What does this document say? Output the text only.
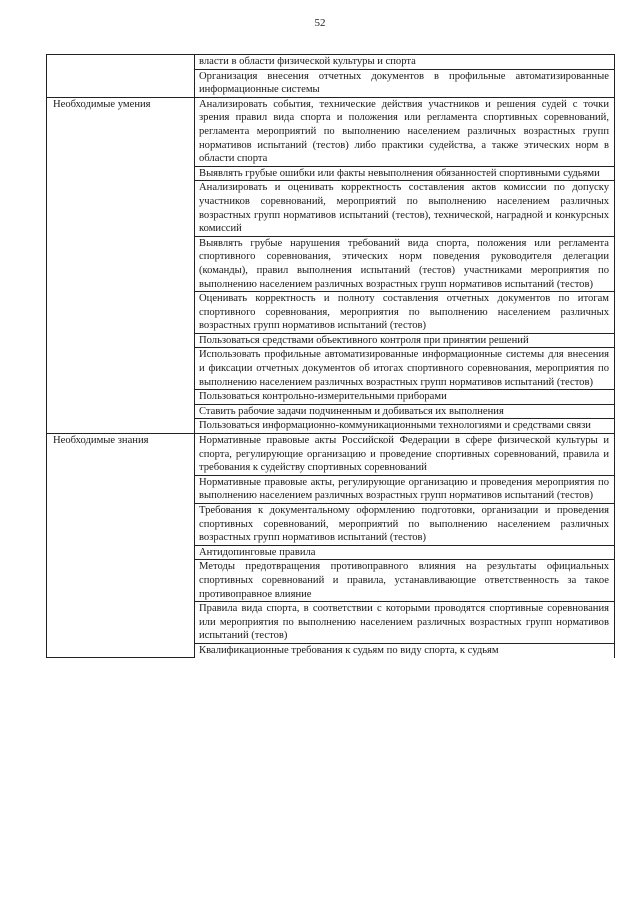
52
	власти в области физической культуры и спорта
	Организация внесения отчетных документов в профильные автоматизированные информационные системы
Необходимые умения	Анализировать события, технические действия участников и решения судей с точки зрения правил вида спорта и положения или регламента спортивных соревнований, регламента мероприятий по выполнению населением различных возрастных групп нормативов испытаний (тестов) либо практики судейства, а также этических норм в области спорта
	Выявлять грубые ошибки или факты невыполнения обязанностей спортивными судьями
	Анализировать и оценивать корректность составления актов комиссии по допуску участников соревнований, мероприятий по выполнению населением различных возрастных групп нормативов испытаний (тестов), технической, наградной и конкурсных комиссий
	Выявлять грубые нарушения требований вида спорта, положения или регламента спортивного соревнования, этических норм поведения руководителя делегации (команды), правил выполнения испытаний (тестов) участниками мероприятия по выполнению населением различных возрастных групп нормативов испытаний (тестов)
	Оценивать корректность и полноту составления отчетных документов по итогам спортивного соревнования, мероприятия по выполнению населением различных возрастных групп нормативов испытаний (тестов)
	Пользоваться средствами объективного контроля при принятии решений
	Использовать профильные автоматизированные информационные системы для внесения и фиксации отчетных документов об итогах спортивного соревнования, мероприятия по выполнению населением различных возрастных групп нормативов испытаний (тестов)
	Пользоваться контрольно-измерительными приборами
	Ставить рабочие задачи подчиненным и добиваться их выполнения
	Пользоваться информационно-коммуникационными технологиями и средствами связи
Необходимые знания	Нормативные правовые акты Российской Федерации в сфере физической культуры и спорта, регулирующие организацию и проведение спортивных соревнований, правила и требования к судейству спортивных соревнований
	Нормативные правовые акты, регулирующие организацию и проведения мероприятия по выполнению населением различных возрастных групп нормативов испытаний (тестов)
	Требования к документальному оформлению подготовки, организации и проведения спортивных соревнований, мероприятий по выполнению населением различных возрастных групп нормативов испытаний (тестов)
	Антидопинговые правила
	Методы предотвращения противоправного влияния на результаты официальных спортивных соревнований и правила, устанавливающие ответственность за такое противоправное влияние
	Правила вида спорта, в соответствии с которыми проводятся спортивные соревнования или мероприятия по выполнению населением различных возрастных групп нормативов испытаний (тестов)
	Квалификационные требования к судьям по виду спорта, к судьям
